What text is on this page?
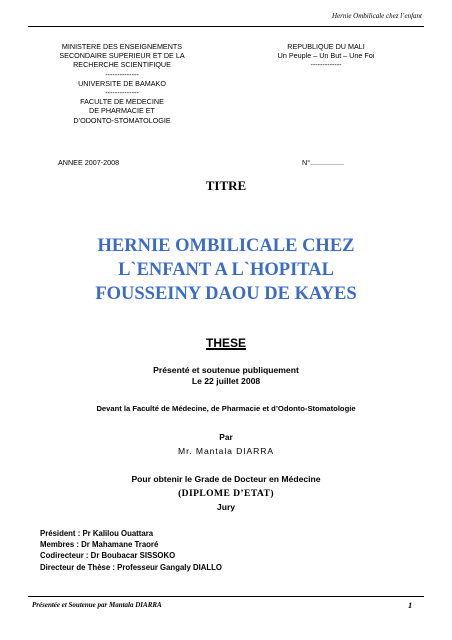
Hernie Ombilicale chez l’enfant
MINISTERE DES ENSEIGNEMENTS
SECONDAIRE SUPERIEUR ET DE LA
RECHERCHE SCIENTIFIQUE
--------------
UNIVERSITE DE BAMAKO
--------------
FACULTE DE MEDECINE
DE PHARMACIE ET
D’ODONTO-STOMATOLOGIE
REPUBLIQUE DU MALI
Un Peuple – Un But – Une Foi
-------------
ANNEE 2007-2008	N°.................
TITRE
HERNIE OMBILICALE CHEZ
L`ENFANT A L`HOPITAL
FOUSSEINY DAOU DE KAYES
THESE
Présenté et soutenue publiquement
Le 22 juillet 2008
Devant la Faculté de Médecine, de Pharmacie et d’Odonto-Stomatologie
Par
Mr. Mantala DIARRA
Pour obtenir le Grade de Docteur en Médecine
(DIPLOME D’ETAT)
Jury
Président : Pr Kalilou Ouattara
Membres : Dr Mahamane Traoré
Codirecteur : Dr Boubacar SISSOKO
Directeur de Thèse : Professeur Gangaly DIALLO
Présentée et Soutenue par Mantala DIARRA	1
